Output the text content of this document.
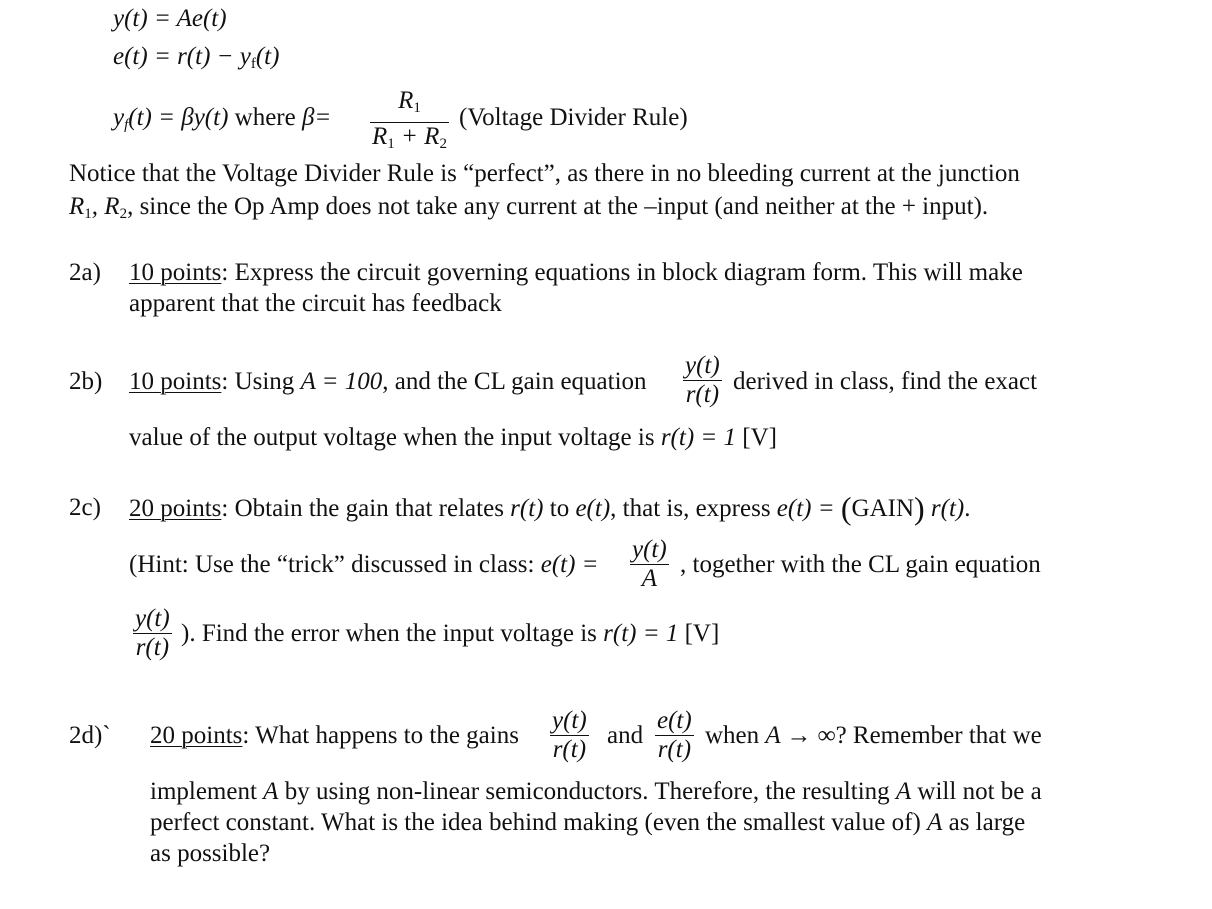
y(t) = Ae(t)
$e(t) = r(t) - y_f(t)$
$y_f(t) = \beta y(t)$ where β=
$R_1$
$R_1 + R_2$
(Voltage Divider Rule)
Notice that the Voltage Divider Rule is “perfect”, as there in no bleeding current at the junction
$R_1$, $R_2$, since the Op Amp does not take any current at the –input (and neither at the + input).
2a) 10 points: Express the circuit governing equations in block diagram form. This will make
apparent that the circuit has feedback
2b) 10 points: Using A = 100, and the CL gain equation
y(t)
r(t) derived in class, find the exact
value of the output voltage when the input voltage is r(t) = 1 [V]
2c) 20 points: Obtain the gain that relates r(t) to e(t), that is, express e(t) = (GAIN) r(t).
(Hint: Use the “trick” discussed in class: e(t) =
y(t)
A
, together with the CL gain equation
y(t)
r(t)
). Find the error when the input voltage is r(t) = 1 [V]
2d)` 20 points: What happens to the gains
y(t)
r(t)
and
e(t)
r(t)
when A → ∞? Remember that we
implement A by using non-linear semiconductors. Therefore, the resulting A will not be a
perfect constant. What is the idea behind making (even the smallest value of) A as large
as possible?
